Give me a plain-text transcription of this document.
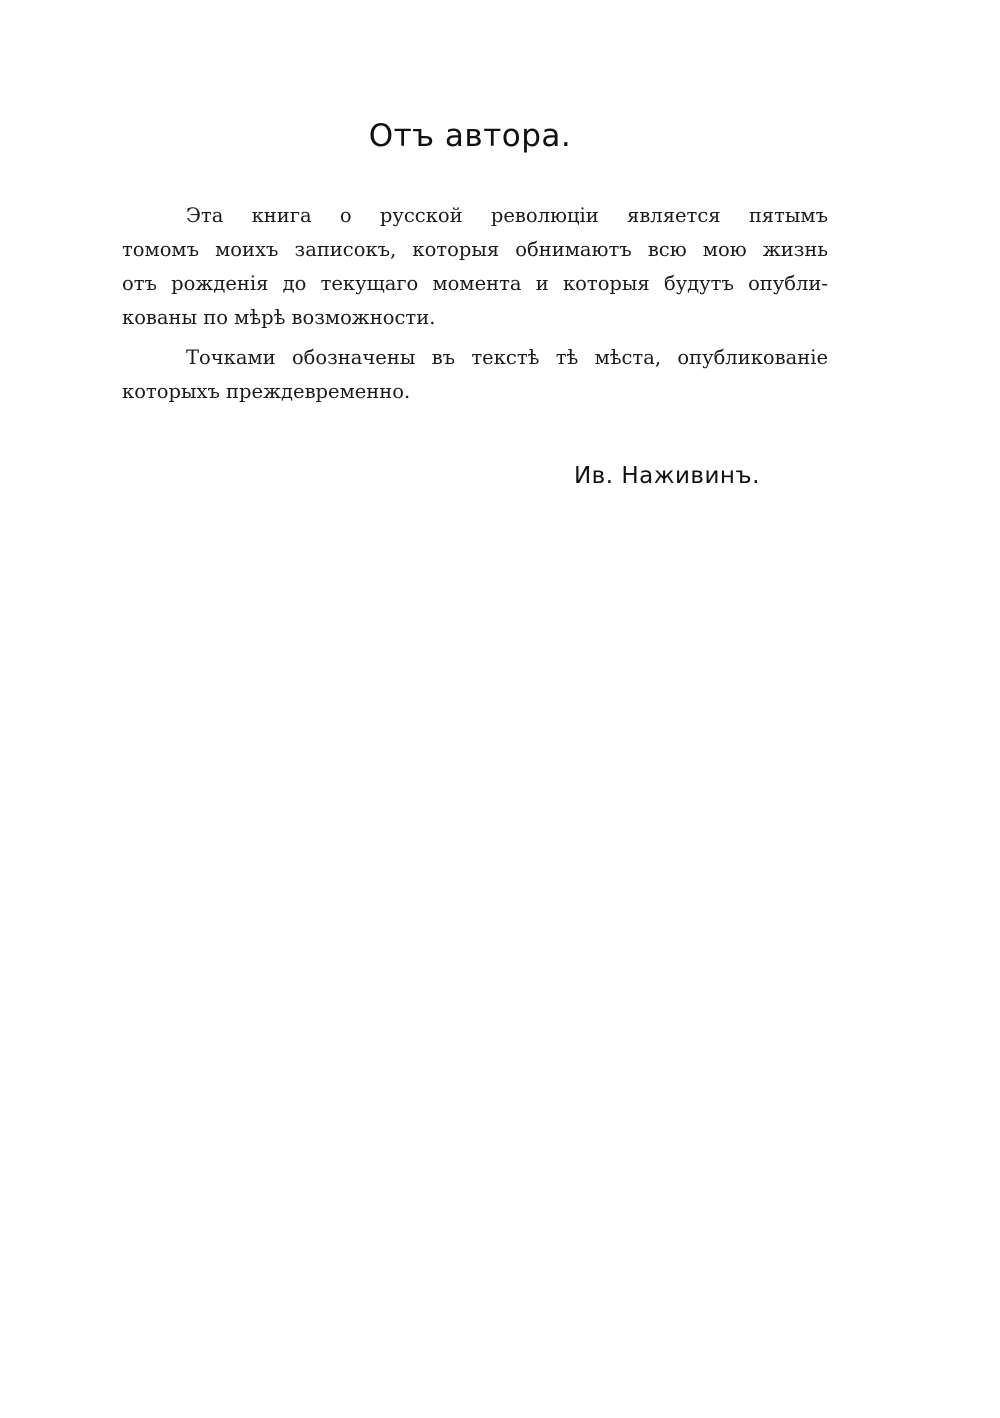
Отъ автора.
Эта книга о русской революціи является пятымъ
томомъ моихъ записокъ, которыя обнимаютъ всю мою жизнь
отъ рожденія до текущаго момента и которыя будутъ опубли-
кованы по мѣрѣ возможности.
Точками обозначены въ текстѣ тѣ мѣста, опубликованіе
которыхъ преждевременно.
Ив. Наживинъ.
